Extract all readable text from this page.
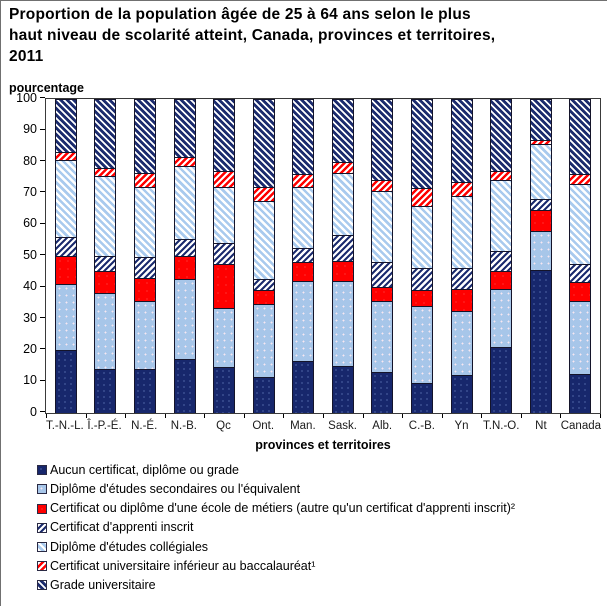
Proportion de la population âgée de 25 à 64 ans selon le plus haut niveau de scolarité atteint, Canada, provinces et territoires, 2011
pourcentage
0
10
20
30
40
50
60
70
80
90
100
T.-N.-L. Î.-P.-É. N.-É.	N.-B.	Qc	Ont.	Man.	Sask.	Alb.	C.-B.	Yn	T.N.-O.	Nt	Canada
provinces et territoires
Aucun certificat, diplôme ou grade
Diplôme d'études secondaires ou l'équivalent
Certificat ou diplôme d'une école de métiers (autre qu'un certificat d'apprenti inscrit)²
Certificat d'apprenti inscrit
Diplôme d'études collégiales
Certificat universitaire inférieur au baccalauréat¹
Grade universitaire
